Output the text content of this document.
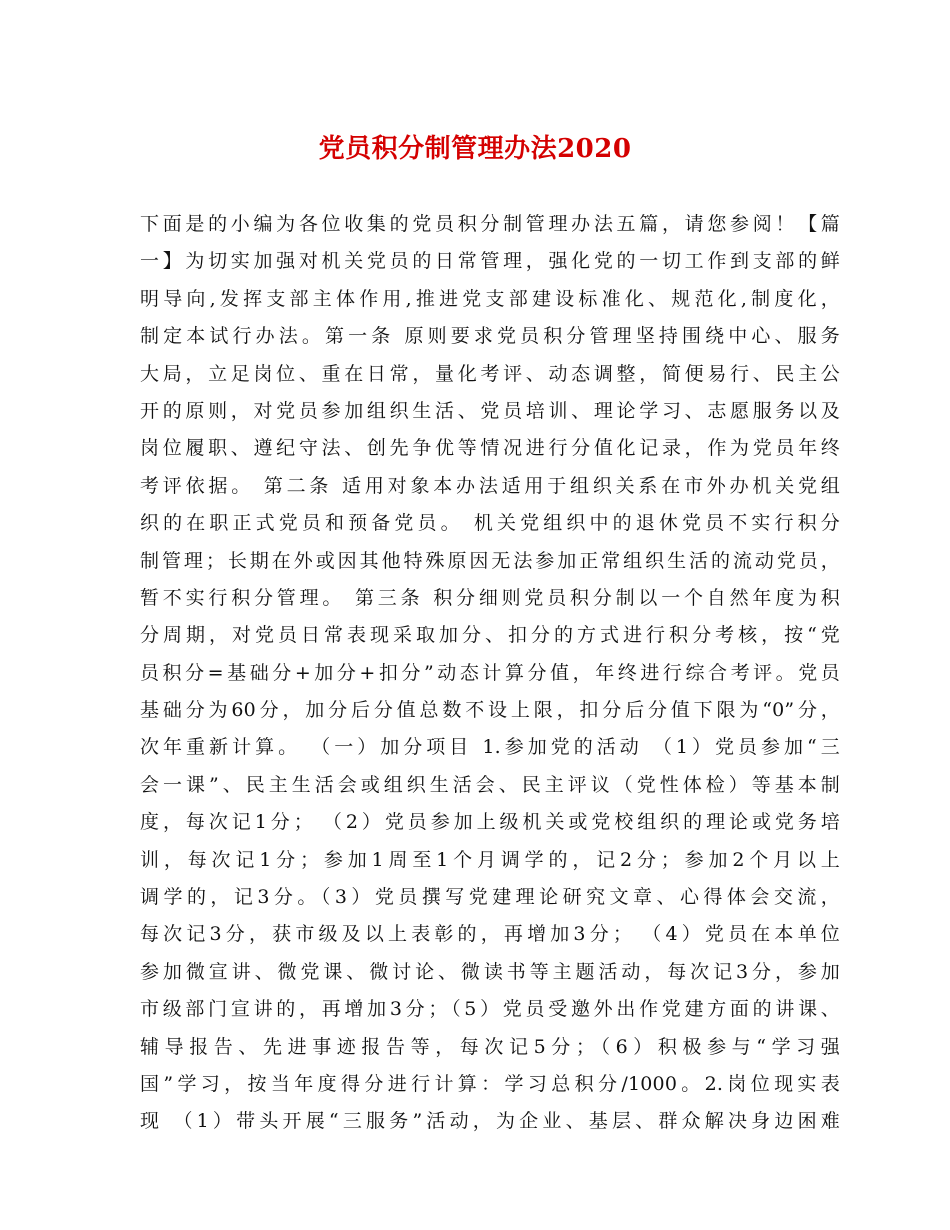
党员积分制管理办法2020
下面是的小编为各位收集的党员积分制管理办法五篇，请您参阅！【篇
一】为切实加强对机关党员的日常管理，强化党的一切工作到支部的鲜
明导向,发挥支部主体作用,推进党支部建设标准化、规范化,制度化，
制定本试行办法。第一条 原则要求党员积分管理坚持围绕中心、服务
大局，立足岗位、重在日常，量化考评、动态调整，简便易行、民主公
开的原则，对党员参加组织生活、党员培训、理论学习、志愿服务以及
岗位履职、遵纪守法、创先争优等情况进行分值化记录，作为党员年终
考评依据。 第二条 适用对象本办法适用于组织关系在市外办机关党组
织的在职正式党员和预备党员。 机关党组织中的退休党员不实行积分
制管理；长期在外或因其他特殊原因无法参加正常组织生活的流动党员，
暂不实行积分管理。 第三条 积分细则党员积分制以一个自然年度为积
分周期，对党员日常表现采取加分、扣分的方式进行积分考核，按“党
员积分=基础分+加分+扣分”动态计算分值，年终进行综合考评。党员
基础分为60分，加分后分值总数不设上限，扣分后分值下限为“0”分，
次年重新计算。 （一）加分项目 1.参加党的活动 （1）党员参加“三
会一课”、民主生活会或组织生活会、民主评议（党性体检）等基本制
度，每次记1分； （2）党员参加上级机关或党校组织的理论或党务培
训，每次记1分；参加1周至1个月调学的，记2分；参加2个月以上
调学的，记3分。（3）党员撰写党建理论研究文章、心得体会交流，
每次记3分，获市级及以上表彰的，再增加3分； （4）党员在本单位
参加微宣讲、微党课、微讨论、微读书等主题活动，每次记3分，参加
市级部门宣讲的，再增加3分；（5）党员受邀外出作党建方面的讲课、
辅导报告、先进事迹报告等，每次记5分；（6）积极参与“学习强
国”学习，按当年度得分进行计算：学习总积分/1000。2.岗位现实表
现 （1）带头开展“三服务”活动，为企业、基层、群众解决身边困难
